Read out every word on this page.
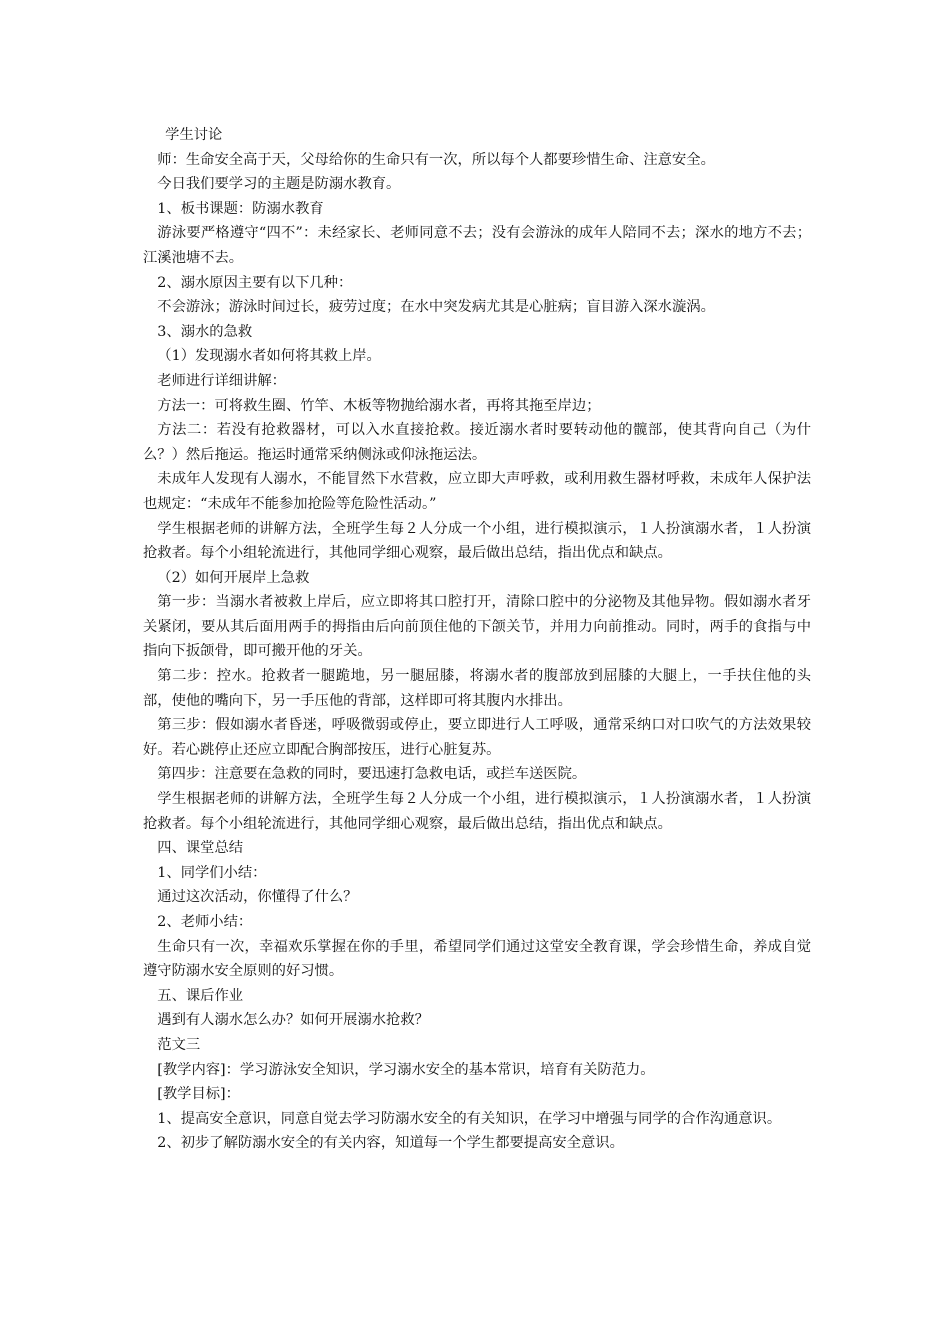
学生讨论

师：生命安全高于天，父母给你的生命只有一次，所以每个人都要珍惜生命、注意安全。

今日我们要学习的主题是防溺水教育。

1、板书课题：防溺水教育

游泳要严格遵守“四不”：未经家长、老师同意不去；没有会游泳的成年人陪同不去；深水的地方不去；江溪池塘不去。

2、溺水原因主要有以下几种：

不会游泳；游泳时间过长，疲劳过度；在水中突发病尤其是心脏病；盲目游入深水漩涡。

3、溺水的急救

（1）发现溺水者如何将其救上岸。

老师进行详细讲解：

方法一：可将救生圈、竹竿、木板等物抛给溺水者，再将其拖至岸边；

方法二：若没有抢救器材，可以入水直接抢救。接近溺水者时要转动他的髋部，使其背向自己（为什么？）然后拖运。拖运时通常采纳侧泳或仰泳拖运法。

未成年人发现有人溺水，不能冒然下水营救，应立即大声呼救，或利用救生器材呼救，未成年人保护法也规定：“未成年不能参加抢险等危险性活动。”

学生根据老师的讲解方法，全班学生每２人分成一个小组，进行模拟演示，１人扮演溺水者，１人扮演抢救者。每个小组轮流进行，其他同学细心观察，最后做出总结，指出优点和缺点。

（2）如何开展岸上急救

第一步：当溺水者被救上岸后，应立即将其口腔打开，清除口腔中的分泌物及其他异物。假如溺水者牙关紧闭，要从其后面用两手的拇指由后向前顶住他的下颌关节，并用力向前推动。同时，两手的食指与中指向下扳颌骨，即可搬开他的牙关。

第二步：控水。抢救者一腿跪地，另一腿屈膝，将溺水者的腹部放到屈膝的大腿上，一手扶住他的头部，使他的嘴向下，另一手压他的背部，这样即可将其腹内水排出。

第三步：假如溺水者昏迷，呼吸微弱或停止，要立即进行人工呼吸，通常采纳口对口吹气的方法效果较好。若心跳停止还应立即配合胸部按压，进行心脏复苏。

第四步：注意要在急救的同时，要迅速打急救电话，或拦车送医院。

学生根据老师的讲解方法，全班学生每２人分成一个小组，进行模拟演示，１人扮演溺水者，１人扮演抢救者。每个小组轮流进行，其他同学细心观察，最后做出总结，指出优点和缺点。

四、课堂总结

1、同学们小结：

通过这次活动，你懂得了什么？

2、老师小结：

生命只有一次，幸福欢乐掌握在你的手里，希望同学们通过这堂安全教育课，学会珍惜生命，养成自觉遵守防溺水安全原则的好习惯。

五、课后作业

遇到有人溺水怎么办？如何开展溺水抢救？

范文三

[教学内容]：学习游泳安全知识，学习溺水安全的基本常识，培育有关防范力。

[教学目标]：

1、提高安全意识，同意自觉去学习防溺水安全的有关知识，在学习中增强与同学的合作沟通意识。

2、初步了解防溺水安全的有关内容，知道每一个学生都要提高安全意识。
